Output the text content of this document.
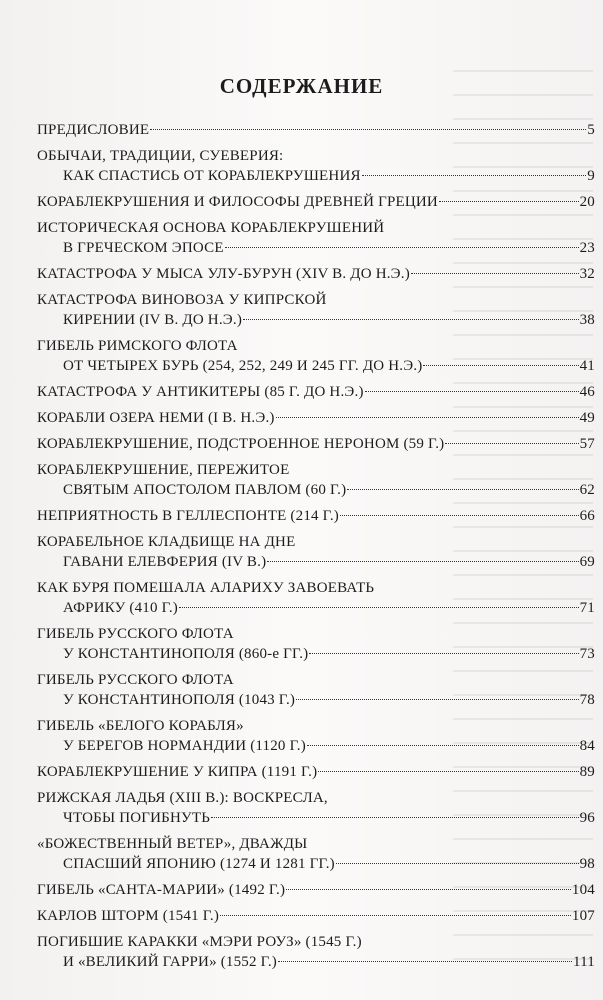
СОДЕРЖАНИЕ
ПРЕДИСЛОВИЕ	5
ОБЫЧАИ, ТРАДИЦИИ, СУЕВЕРИЯ:
КАК СПАСТИСЬ ОТ КОРАБЛЕКРУШЕНИЯ	9
КОРАБЛЕКРУШЕНИЯ И ФИЛОСОФЫ ДРЕВНЕЙ ГРЕЦИИ	20
ИСТОРИЧЕСКАЯ ОСНОВА КОРАБЛЕКРУШЕНИЙ
В ГРЕЧЕСКОМ ЭПОСЕ	23
КАТАСТРОФА У МЫСА УЛУ-БУРУН (XIV В. ДО Н.Э.)	32
КАТАСТРОФА ВИНОВОЗА У КИПРСКОЙ
КИРЕНИИ (IV В. ДО Н.Э.)	38
ГИБЕЛЬ РИМСКОГО ФЛОТА
ОТ ЧЕТЫРЕХ БУРЬ (254, 252, 249 И 245 ГГ. ДО Н.Э.)	41
КАТАСТРОФА У АНТИКИТЕРЫ (85 Г. ДО Н.Э.)	46
КОРАБЛИ ОЗЕРА НЕМИ (I В. Н.Э.)	49
КОРАБЛЕКРУШЕНИЕ, ПОДСТРОЕННОЕ НЕРОНОМ (59 Г.)	57
КОРАБЛЕКРУШЕНИЕ, ПЕРЕЖИТОЕ
СВЯТЫМ АПОСТОЛОМ ПАВЛОМ (60 Г.)	62
НЕПРИЯТНОСТЬ В ГЕЛЛЕСПОНТЕ (214 Г.)	66
КОРАБЕЛЬНОЕ КЛАДБИЩЕ НА ДНЕ
ГАВАНИ ЕЛЕВФЕРИЯ (IV В.)	69
КАК БУРЯ ПОМЕШАЛА АЛАРИХУ ЗАВОЕВАТЬ
АФРИКУ (410 Г.)	71
ГИБЕЛЬ РУССКОГО ФЛОТА
У КОНСТАНТИНОПОЛЯ (860-е ГГ.)	73
ГИБЕЛЬ РУССКОГО ФЛОТА
У КОНСТАНТИНОПОЛЯ (1043 Г.)	78
ГИБЕЛЬ «БЕЛОГО КОРАБЛЯ»
У БЕРЕГОВ НОРМАНДИИ (1120 Г.)	84
КОРАБЛЕКРУШЕНИЕ У КИПРА (1191 Г.)	89
РИЖСКАЯ ЛАДЬЯ (XIII В.): ВОСКРЕСЛА,
ЧТОБЫ ПОГИБНУТЬ	96
«БОЖЕСТВЕННЫЙ ВЕТЕР», ДВАЖДЫ
СПАСШИЙ ЯПОНИЮ (1274 И 1281 ГГ.)	98
ГИБЕЛЬ «САНТА-МАРИИ» (1492 Г.)	104
КАРЛОВ ШТОРМ (1541 Г.)	107
ПОГИБШИЕ КАРАККИ «МЭРИ РОУЗ» (1545 Г.)
И «ВЕЛИКИЙ ГАРРИ» (1552 Г.)	111
